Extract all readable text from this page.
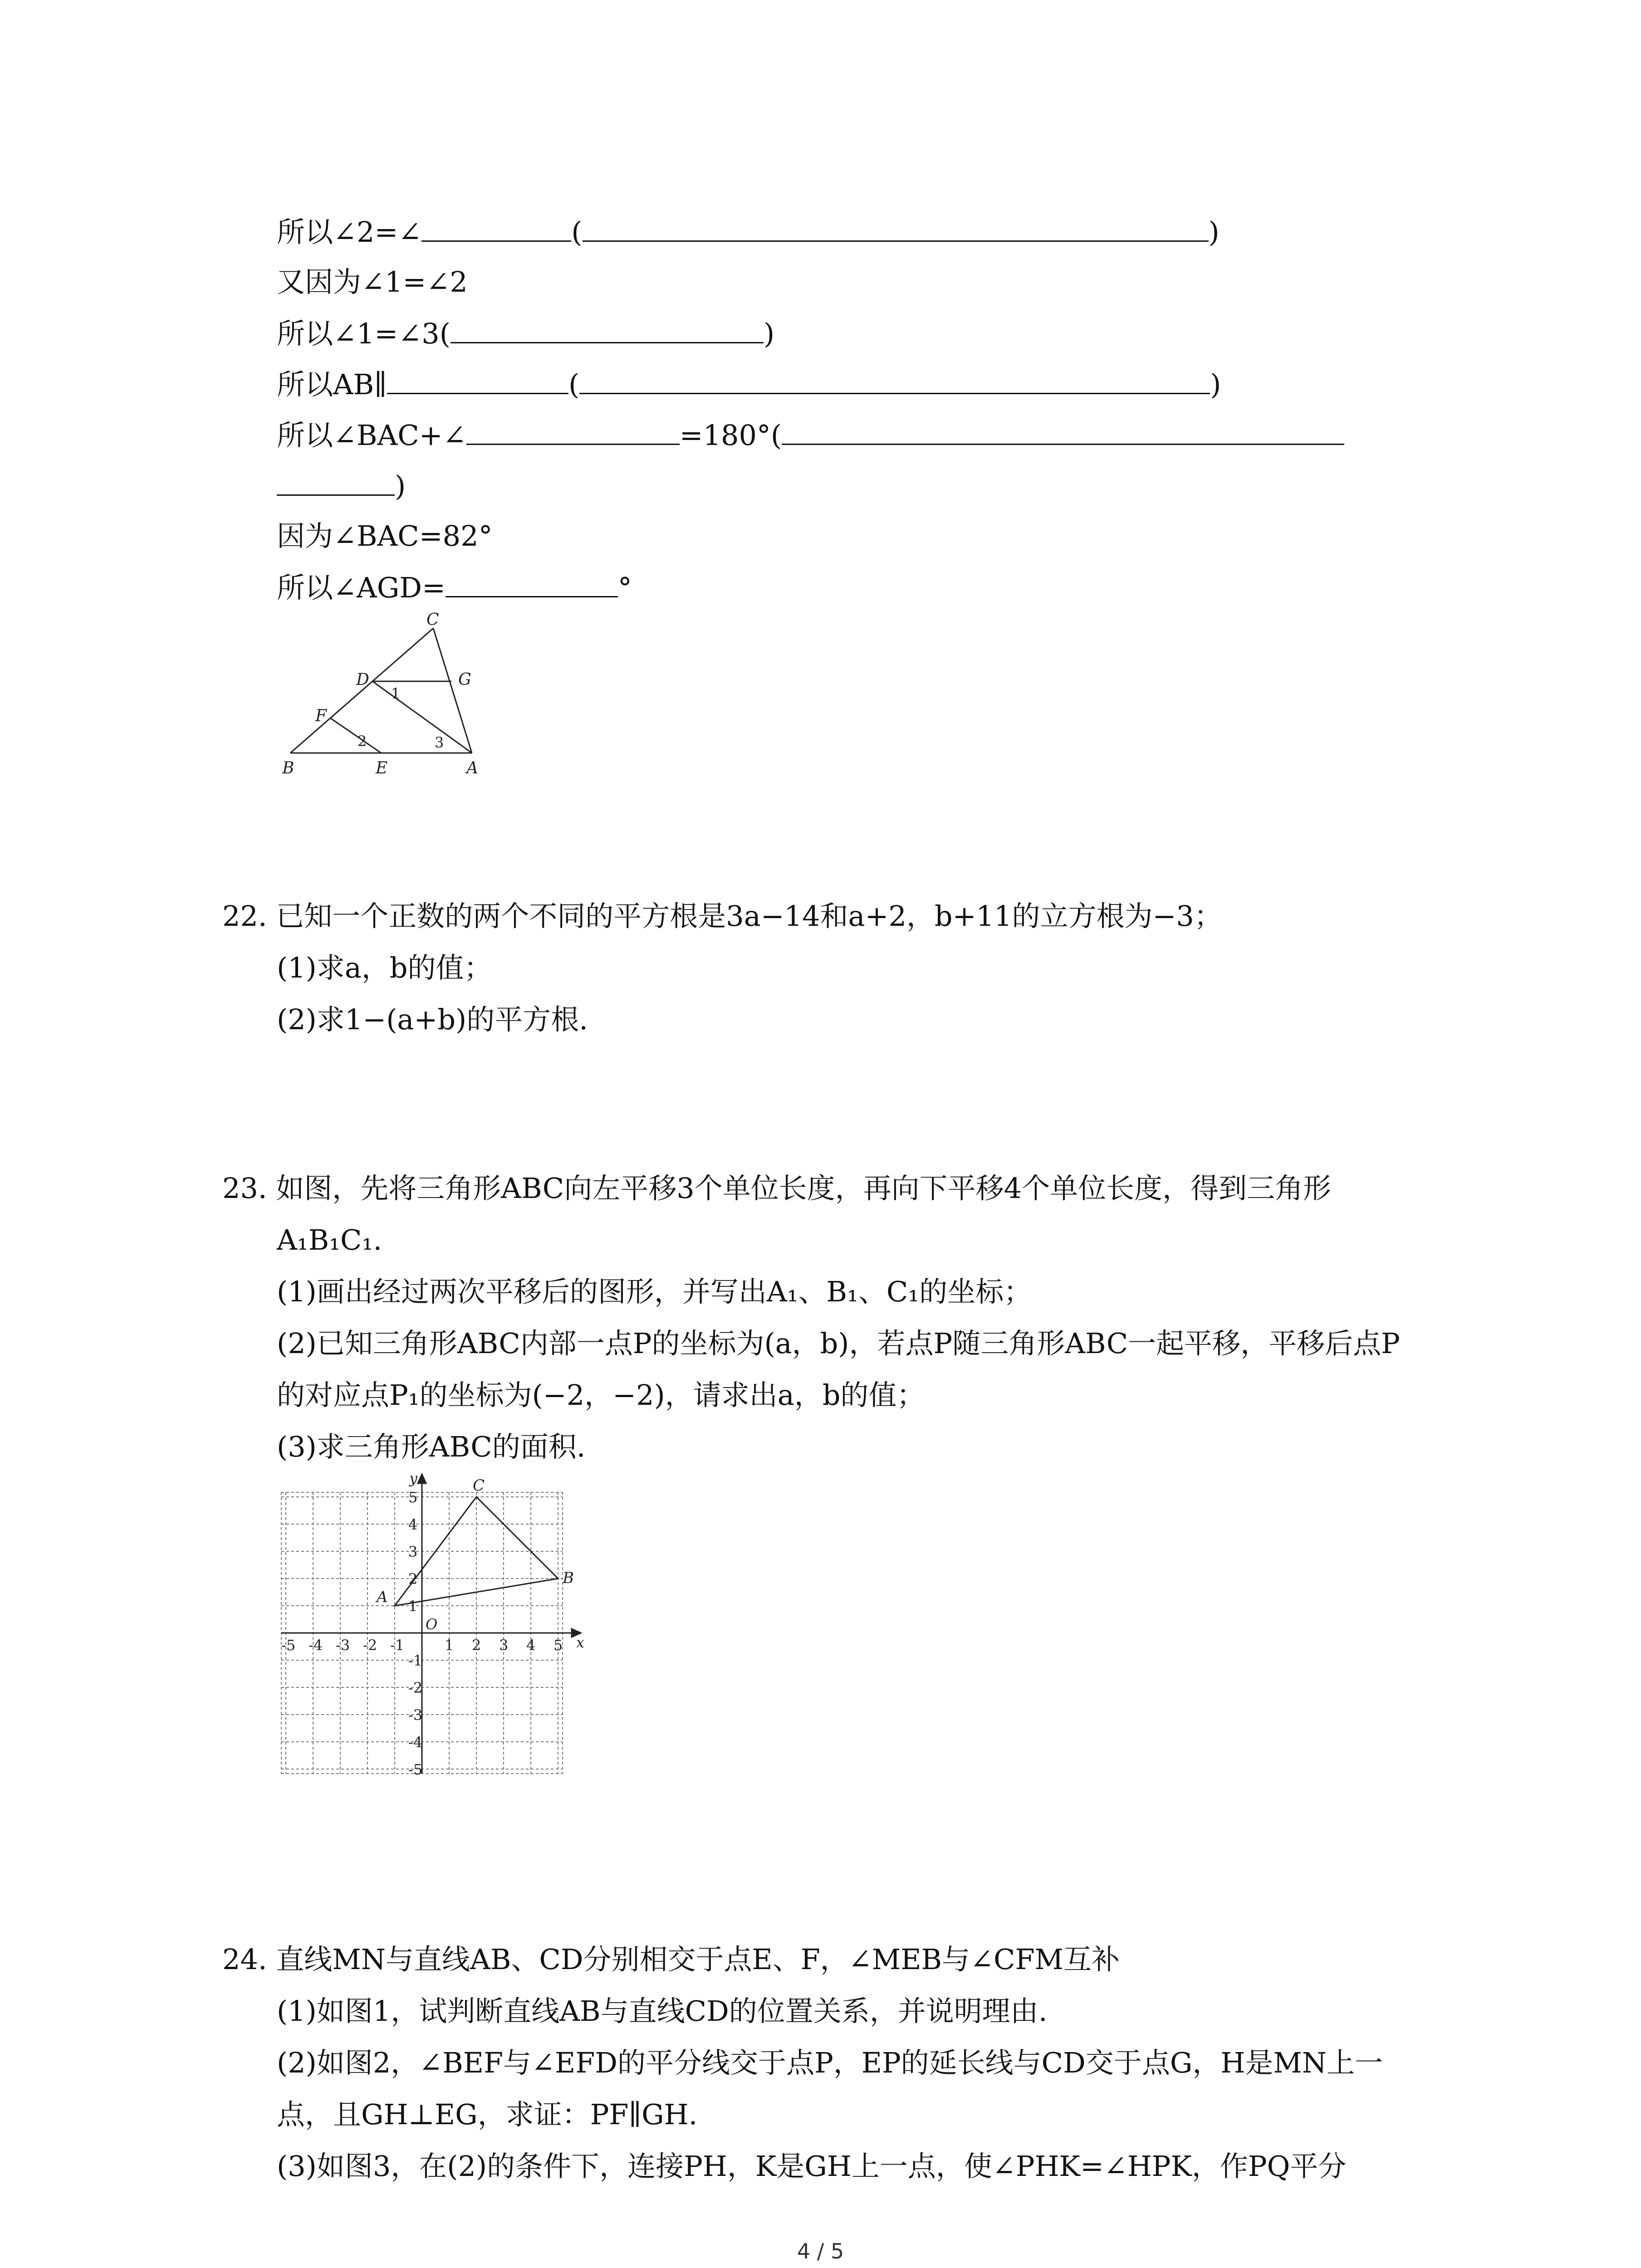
所以∠2=∠	(	)
又因为∠1=∠2
所以∠1=∠3(	)
所以AB∥	(	)
所以∠BAC+∠	=180°(
)
因为∠BAC=82°
所以∠AGD=	°
C
D	G
F
B	E	A
1
2	3
22. 已知一个正数的两个不同的平方根是3a−14和a+2，b+11的立方根为−3；
(1)求a，b的值；
(2)求1−(a+b)的平方根.
23. 如图，先将三角形ABC向左平移3个单位长度，再向下平移4个单位长度，得到三角形
A₁B₁C₁.
(1)画出经过两次平移后的图形，并写出A₁、B₁、C₁的坐标；
(2)已知三角形ABC内部一点P的坐标为(a，b)，若点P随三角形ABC一起平移，平移后点P
的对应点P₁的坐标为(−2，−2)，请求出a，b的值；
(3)求三角形ABC的面积.
-5 -4 -3 -2 -1	1 2 3 4 5
5
4
3
2
1
-1
-2
-3
-4
-5
x
y
O
A
B
C
24. 直线MN与直线AB、CD分别相交于点E、F，∠MEB与∠CFM互补
(1)如图1，试判断直线AB与直线CD的位置关系，并说明理由.
(2)如图2，∠BEF与∠EFD的平分线交于点P，EP的延长线与CD交于点G，H是MN上一
点，且GH⊥EG，求证：PF∥GH.
(3)如图3，在(2)的条件下，连接PH，K是GH上一点，使∠PHK=∠HPK，作PQ平分
4 / 5
